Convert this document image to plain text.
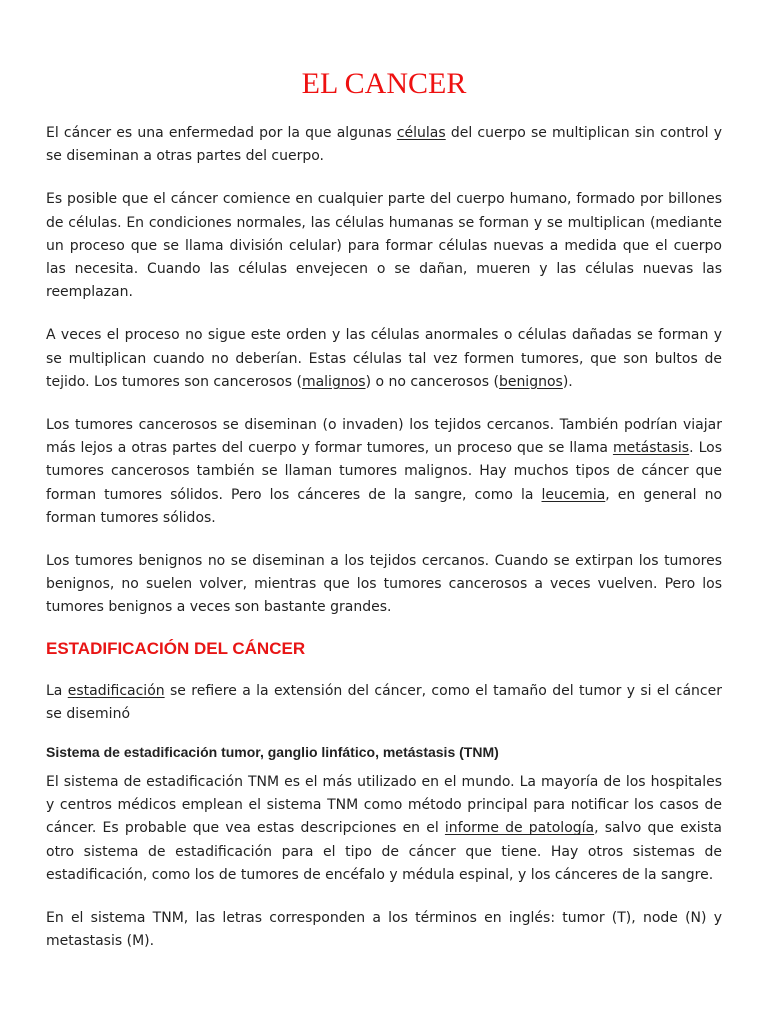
EL CANCER

El cáncer es una enfermedad por la que algunas células del cuerpo se multiplican sin control y se diseminan a otras partes del cuerpo.

Es posible que el cáncer comience en cualquier parte del cuerpo humano, formado por billones de células. En condiciones normales, las células humanas se forman y se multiplican (mediante un proceso que se llama división celular) para formar células nuevas a medida que el cuerpo las necesita. Cuando las células envejecen o se dañan, mueren y las células nuevas las reemplazan.

A veces el proceso no sigue este orden y las células anormales o células dañadas se forman y se multiplican cuando no deberían. Estas células tal vez formen tumores, que son bultos de tejido. Los tumores son cancerosos (malignos) o no cancerosos (benignos).

Los tumores cancerosos se diseminan (o invaden) los tejidos cercanos. También podrían viajar más lejos a otras partes del cuerpo y formar tumores, un proceso que se llama metástasis. Los tumores cancerosos también se llaman tumores malignos. Hay muchos tipos de cáncer que forman tumores sólidos. Pero los cánceres de la sangre, como la leucemia, en general no forman tumores sólidos.

Los tumores benignos no se diseminan a los tejidos cercanos. Cuando se extirpan los tumores benignos, no suelen volver, mientras que los tumores cancerosos a veces vuelven. Pero los tumores benignos a veces son bastante grandes.

ESTADIFICACIÓN DEL CÁNCER

La estadificación se refiere a la extensión del cáncer, como el tamaño del tumor y si el cáncer se diseminó

Sistema de estadificación tumor, ganglio linfático, metástasis (TNM)

El sistema de estadificación TNM es el más utilizado en el mundo. La mayoría de los hospitales y centros médicos emplean el sistema TNM como método principal para notificar los casos de cáncer. Es probable que vea estas descripciones en el informe de patología, salvo que exista otro sistema de estadificación para el tipo de cáncer que tiene. Hay otros sistemas de estadificación, como los de tumores de encéfalo y médula espinal, y los cánceres de la sangre.

En el sistema TNM, las letras corresponden a los términos en inglés: tumor (T), node (N) y metastasis (M).
